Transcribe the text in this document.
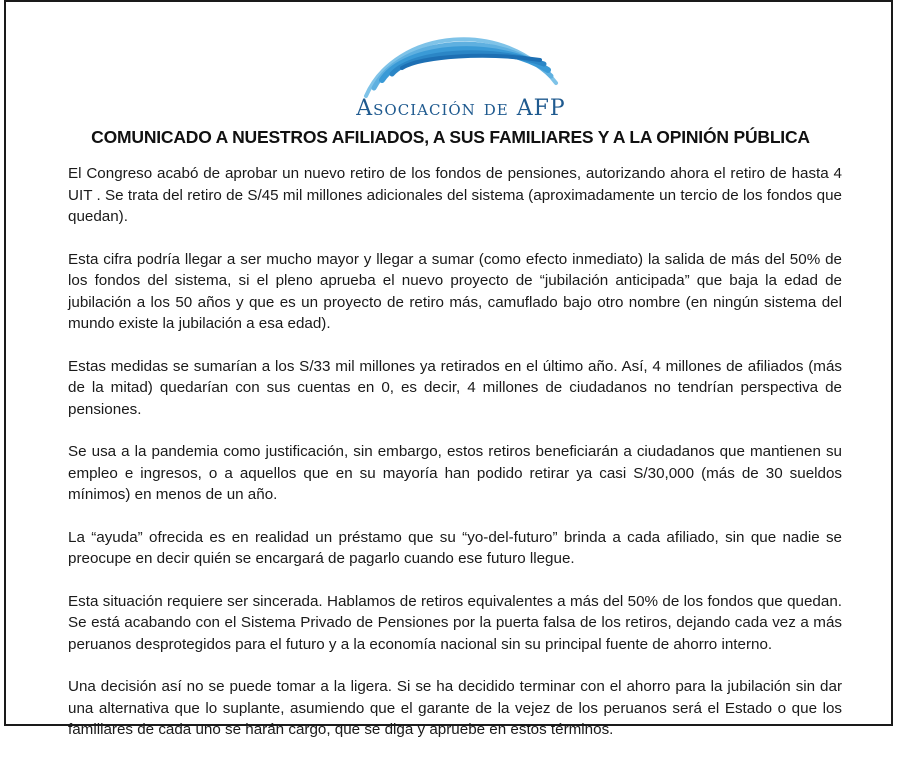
Asociación de AFP
COMUNICADO A NUESTROS AFILIADOS, A SUS FAMILIARES Y A LA OPINIÓN PÚBLICA

El Congreso acabó de aprobar un nuevo retiro de los fondos de pensiones, autorizando ahora el retiro de hasta 4 UIT . Se trata del retiro de S/45 mil millones adicionales del sistema (aproximadamente un tercio de los fondos que quedan).

Esta cifra podría llegar a ser mucho mayor y llegar a sumar (como efecto inmediato) la salida de más del 50% de los fondos del sistema, si el pleno aprueba el nuevo proyecto de “jubilación anticipada” que baja la edad de jubilación a los 50 años y que es un proyecto de retiro más, camuflado bajo otro nombre (en ningún sistema del mundo existe la jubilación a esa edad).

Estas medidas se sumarían a los S/33 mil millones ya retirados en el último año. Así, 4 millones de afiliados (más de la mitad) quedarían con sus cuentas en 0, es decir, 4 millones de ciudadanos no tendrían perspectiva de pensiones.

Se usa a la pandemia como justificación, sin embargo, estos retiros beneficiarán a ciudadanos que mantienen su empleo e ingresos, o a aquellos que en su mayoría han podido retirar ya casi S/30,000 (más de 30 sueldos mínimos) en menos de un año.

La “ayuda” ofrecida es en realidad un préstamo que su “yo-del-futuro” brinda a cada afiliado, sin que nadie se preocupe en decir quién se encargará de pagarlo cuando ese futuro llegue.

Esta situación requiere ser sincerada. Hablamos de retiros equivalentes a más del 50% de los fondos que quedan. Se está acabando con el Sistema Privado de Pensiones por la puerta falsa de los retiros, dejando cada vez a más peruanos desprotegidos para el futuro y a la economía nacional sin su principal fuente de ahorro interno.

Una decisión así no se puede tomar a la ligera. Si se ha decidido terminar con el ahorro para la jubilación sin dar una alternativa que lo suplante, asumiendo que el garante de la vejez de los peruanos será el Estado o que los familiares de cada uno se harán cargo, que se diga y apruebe en estos términos.
